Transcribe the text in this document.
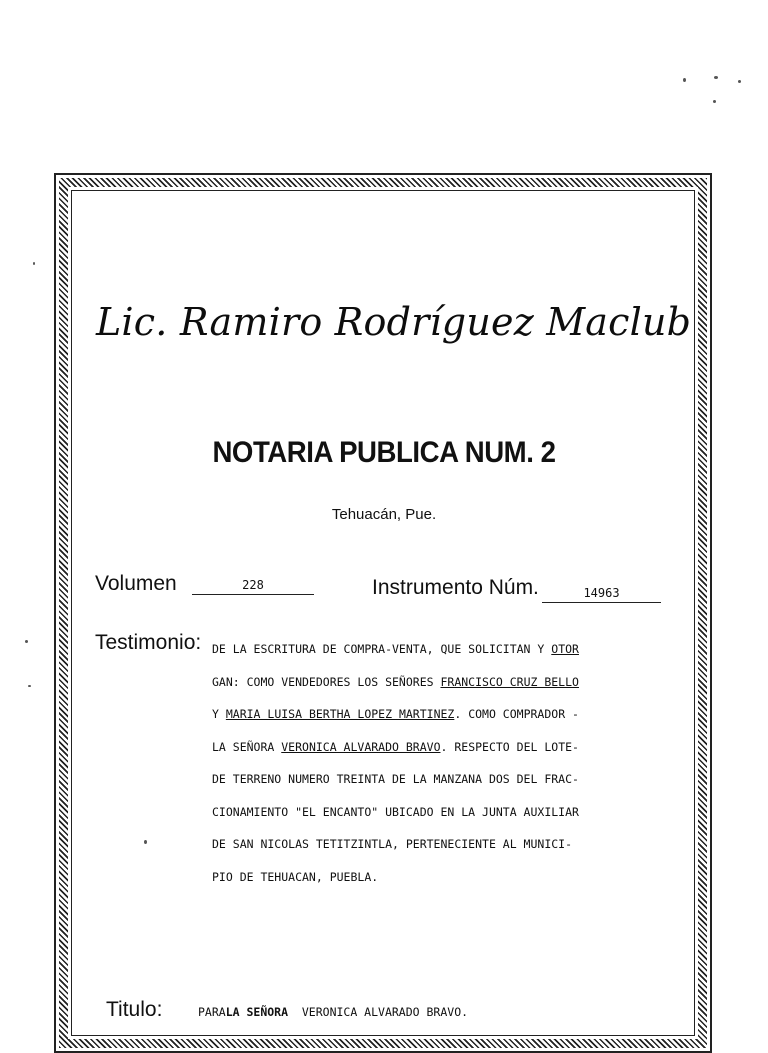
Lic. Ramiro Rodríguez Maclub
NOTARIA PUBLICA NUM. 2
Tehuacán, Pue.
Volumen	228	Instrumento Núm.	14963
Testimonio: DE LA ESCRITURA DE COMPRA-VENTA, QUE SOLICITAN Y OTOR
GAN: COMO VENDEDORES LOS SEÑORES FRANCISCO CRUZ BELLO
Y MARIA LUISA BERTHA LOPEZ MARTINEZ. COMO COMPRADOR -
LA SEÑORA VERONICA ALVARADO BRAVO. RESPECTO DEL LOTE-
DE TERRENO NUMERO TREINTA DE LA MANZANA DOS DEL FRAC-
CIONAMIENTO "EL ENCANTO" UBICADO EN LA JUNTA AUXILIAR
DE SAN NICOLAS TETITZINTLA, PERTENECIENTE AL MUNICI-
PIO DE TEHUACAN, PUEBLA.
Titulo:	PARALA SEÑORA VERONICA ALVARADO BRAVO.
